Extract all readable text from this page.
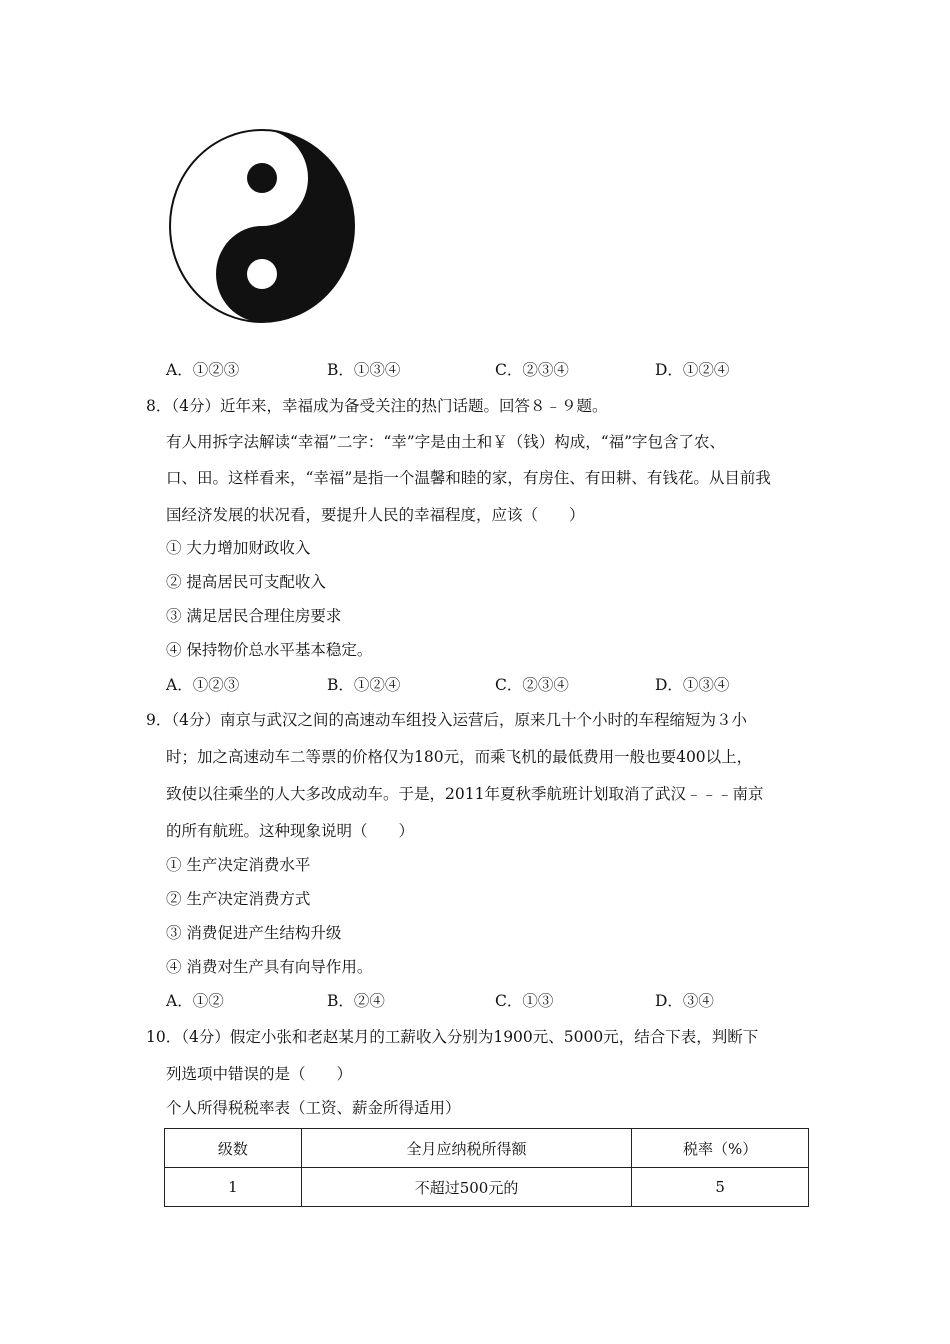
A．①②③	B．①③④	C．②③④	D．①②④
8．（4分）近年来，幸福成为备受关注的热门话题。回答８﹣９题。
有人用拆字法解读“幸福”二字：“幸”字是由土和￥（钱）构成，“福”字包含了农、
口、田。这样看来，“幸福”是指一个温馨和睦的家，有房住、有田耕、有钱花。从目前我
国经济发展的状况看，要提升人民的幸福程度，应该（　　）
① 大力增加财政收入
② 提高居民可支配收入
③ 满足居民合理住房要求
④ 保持物价总水平基本稳定。
A．①②③	B．①②④	C．②③④	D．①③④
9．（4分）南京与武汉之间的高速动车组投入运营后，原来几十个小时的车程缩短为３小
时；加之高速动车二等票的价格仅为180元，而乘飞机的最低费用一般也要400以上，
致使以往乘坐的人大多改成动车。于是，2011年夏秋季航班计划取消了武汉﹣﹣﹣南京
的所有航班。这种现象说明（　　）
① 生产决定消费水平
② 生产决定消费方式
③ 消费促进产生结构升级
④ 消费对生产具有向导作用。
A．①②	B．②④	C．①③	D．③④
10．（4分）假定小张和老赵某月的工薪收入分别为1900元、5000元，结合下表，判断下
列选项中错误的是（　　）
个人所得税税率表（工资、薪金所得适用）
级数	全月应纳税所得额	税率（%）
1	不超过500元的	5
